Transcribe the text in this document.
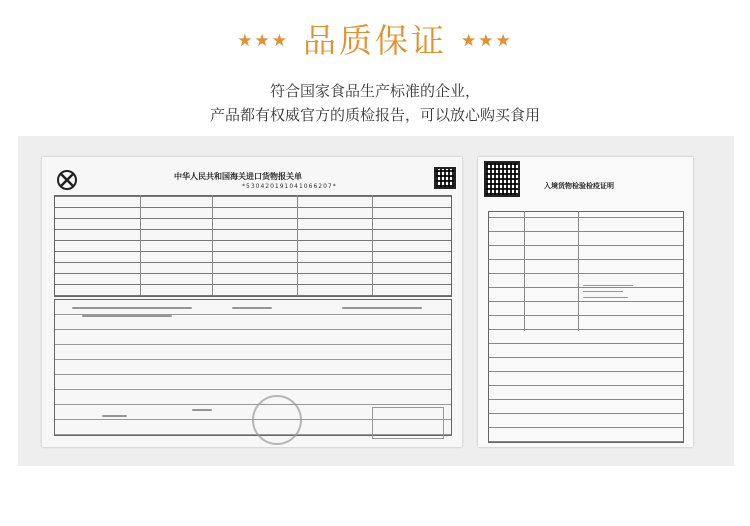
★★★ 品质保证 ★★★
符合国家食品生产标准的企业，
产品都有权威官方的质检报告，可以放心购买食用
中华人民共和国海关进口货物报关单
*530420191041066207*	入境货物检验检疫证明
